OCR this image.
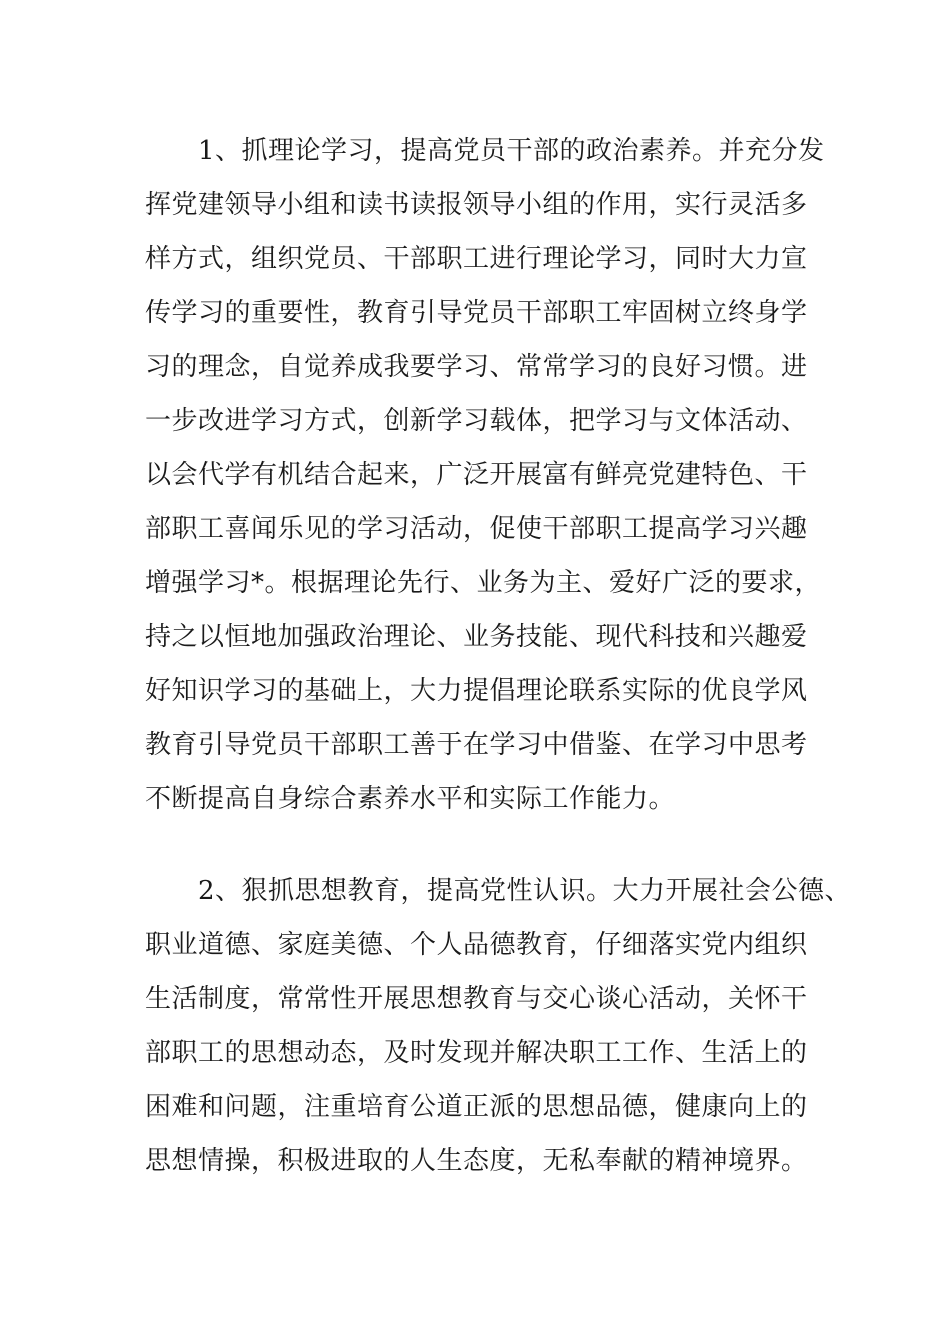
　　1、抓理论学习，提高党员干部的政治素养。并充分发
挥党建领导小组和读书读报领导小组的作用，实行灵活多
样方式，组织党员、干部职工进行理论学习，同时大力宣
传学习的重要性，教育引导党员干部职工牢固树立终身学
习的理念，自觉养成我要学习、常常学习的良好习惯。进
一步改进学习方式，创新学习载体，把学习与文体活动、
以会代学有机结合起来，广泛开展富有鲜亮党建特色、干
部职工喜闻乐见的学习活动，促使干部职工提高学习兴趣
增强学习*。根据理论先行、业务为主、爱好广泛的要求，
持之以恒地加强政治理论、业务技能、现代科技和兴趣爱
好知识学习的基础上，大力提倡理论联系实际的优良学风
教育引导党员干部职工善于在学习中借鉴、在学习中思考
不断提高自身综合素养水平和实际工作能力。
　　2、狠抓思想教育，提高党性认识。大力开展社会公德、
职业道德、家庭美德、个人品德教育，仔细落实党内组织
生活制度，常常性开展思想教育与交心谈心活动，关怀干
部职工的思想动态，及时发现并解决职工工作、生活上的
困难和问题，注重培育公道正派的思想品德，健康向上的
思想情操，积极进取的人生态度，无私奉献的精神境界。
